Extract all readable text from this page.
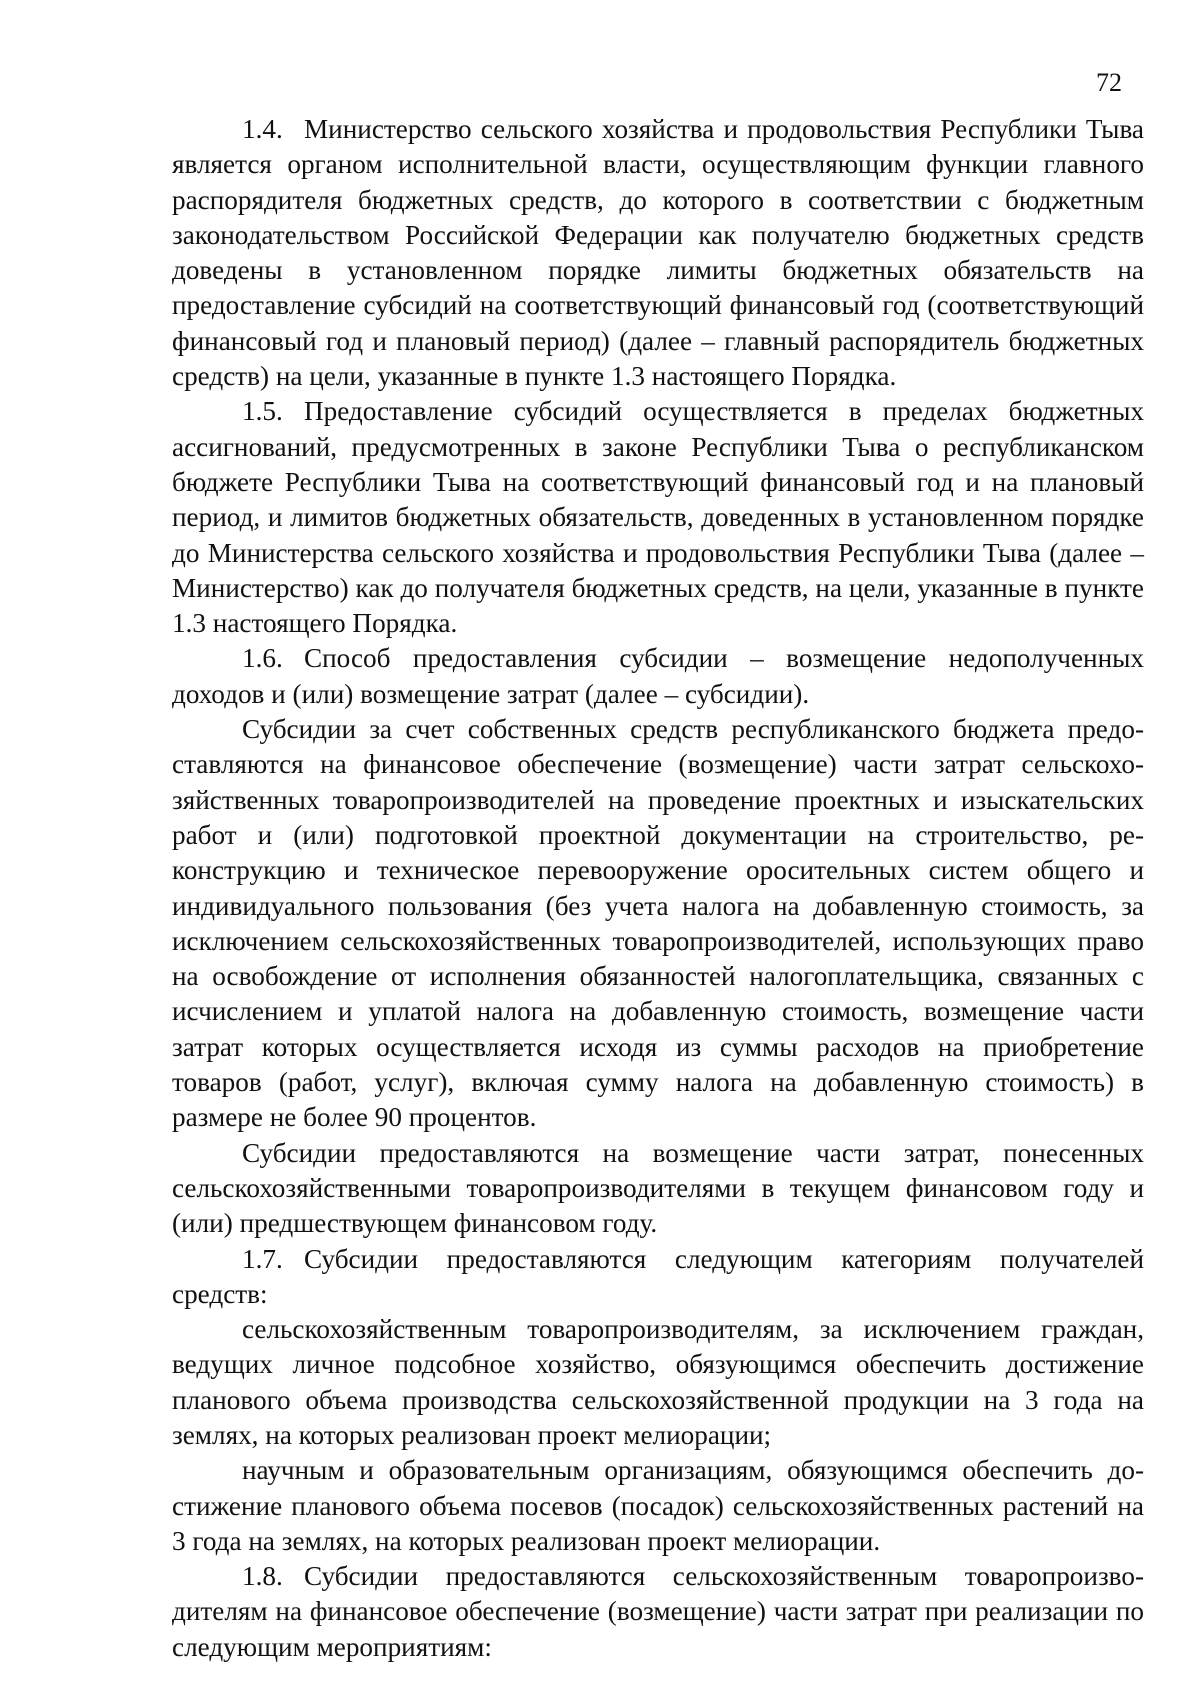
72

1.4. Министерство сельского хозяйства и продовольствия Республики Тыва является органом исполнительной власти, осуществляющим функции главного распорядителя бюджетных средств, до которого в соответствии с бюджетным законодательством Российской Федерации как получателю бюджетных средств доведены в установленном порядке лимиты бюджетных обязательств на предоставление субсидий на соответствующий финансовый год (соответствующий финансовый год и плановый период) (далее – главный распорядитель бюджетных средств) на цели, указанные в пункте 1.3 настоящего Порядка.

1.5. Предоставление субсидий осуществляется в пределах бюджетных ассигнований, предусмотренных в законе Республики Тыва о республиканском бюджете Республики Тыва на соответствующий финансовый год и на плановый период, и лимитов бюджетных обязательств, доведенных в установленном порядке до Министерства сельского хозяйства и продовольствия Республики Тыва (далее – Министерство) как до получателя бюджетных средств, на цели, указанные в пункте 1.3 настоящего Порядка.

1.6. Способ предоставления субсидии – возмещение недополученных доходов и (или) возмещение затрат (далее – субсидии).

Субсидии за счет собственных средств республиканского бюджета предоставляются на финансовое обеспечение (возмещение) части затрат сельскохозяйственных товаропроизводителей на проведение проектных и изыскательских работ и (или) подготовкой проектной документации на строительство, реконструкцию и техническое перевооружение оросительных систем общего и индивидуального пользования (без учета налога на добавленную стоимость, за исключением сельскохозяйственных товаропроизводителей, использующих право на освобождение от исполнения обязанностей налогоплательщика, связанных с исчислением и уплатой налога на добавленную стоимость, возмещение части затрат которых осуществляется исходя из суммы расходов на приобретение товаров (работ, услуг), включая сумму налога на добавленную стоимость) в размере не более 90 процентов.

Субсидии предоставляются на возмещение части затрат, понесенных сельскохозяйственными товаропроизводителями в текущем финансовом году и (или) предшествующем финансовом году.

1.7. Субсидии предоставляются следующим категориям получателей средств:

сельскохозяйственным товаропроизводителям, за исключением граждан, ведущих личное подсобное хозяйство, обязующимся обеспечить достижение планового объема производства сельскохозяйственной продукции на 3 года на землях, на которых реализован проект мелиорации;

научным и образовательным организациям, обязующимся обеспечить достижение планового объема посевов (посадок) сельскохозяйственных растений на 3 года на землях, на которых реализован проект мелиорации.

1.8. Субсидии предоставляются сельскохозяйственным товаропроизводителям на финансовое обеспечение (возмещение) части затрат при реализации по следующим мероприятиям:
